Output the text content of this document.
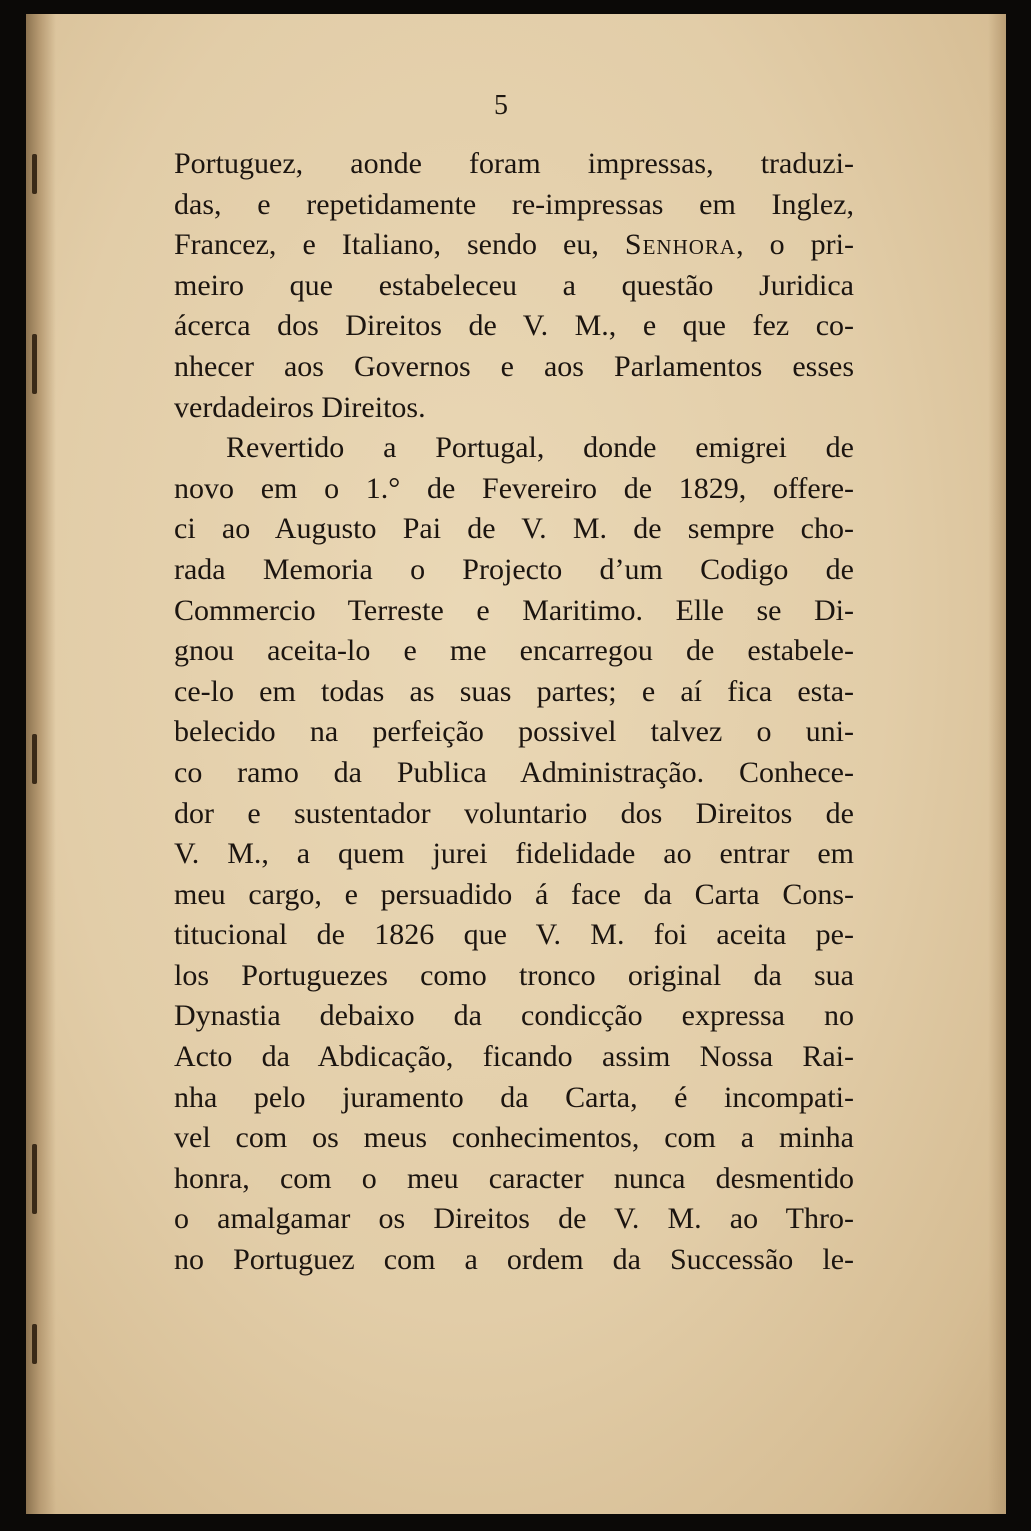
5
Portuguez, aonde foram impressas, traduzi-
das, e repetidamente re-impressas em Inglez,
Francez, e Italiano, sendo eu, Senhora, o pri-
meiro que estabeleceu a questão Juridica
ácerca dos Direitos de V. M., e que fez co-
nhecer aos Governos e aos Parlamentos esses
verdadeiros Direitos.
Revertido a Portugal, donde emigrei de
novo em o 1.° de Fevereiro de 1829, offere-
ci ao Augusto Pai de V. M. de sempre cho-
rada Memoria o Projecto d’um Codigo de
Commercio Terreste e Maritimo. Elle se Di-
gnou aceita-lo e me encarregou de estabele-
ce-lo em todas as suas partes; e aí fica esta-
belecido na perfeição possivel talvez o uni-
co ramo da Publica Administração. Conhece-
dor e sustentador voluntario dos Direitos de
V. M., a quem jurei fidelidade ao entrar em
meu cargo, e persuadido á face da Carta Cons-
titucional de 1826 que V. M. foi aceita pe-
los Portuguezes como tronco original da sua
Dynastia debaixo da condicção expressa no
Acto da Abdicação, ficando assim Nossa Rai-
nha pelo juramento da Carta, é incompati-
vel com os meus conhecimentos, com a minha
honra, com o meu caracter nunca desmentido
o amalgamar os Direitos de V. M. ao Thro-
no Portuguez com a ordem da Successão le-
